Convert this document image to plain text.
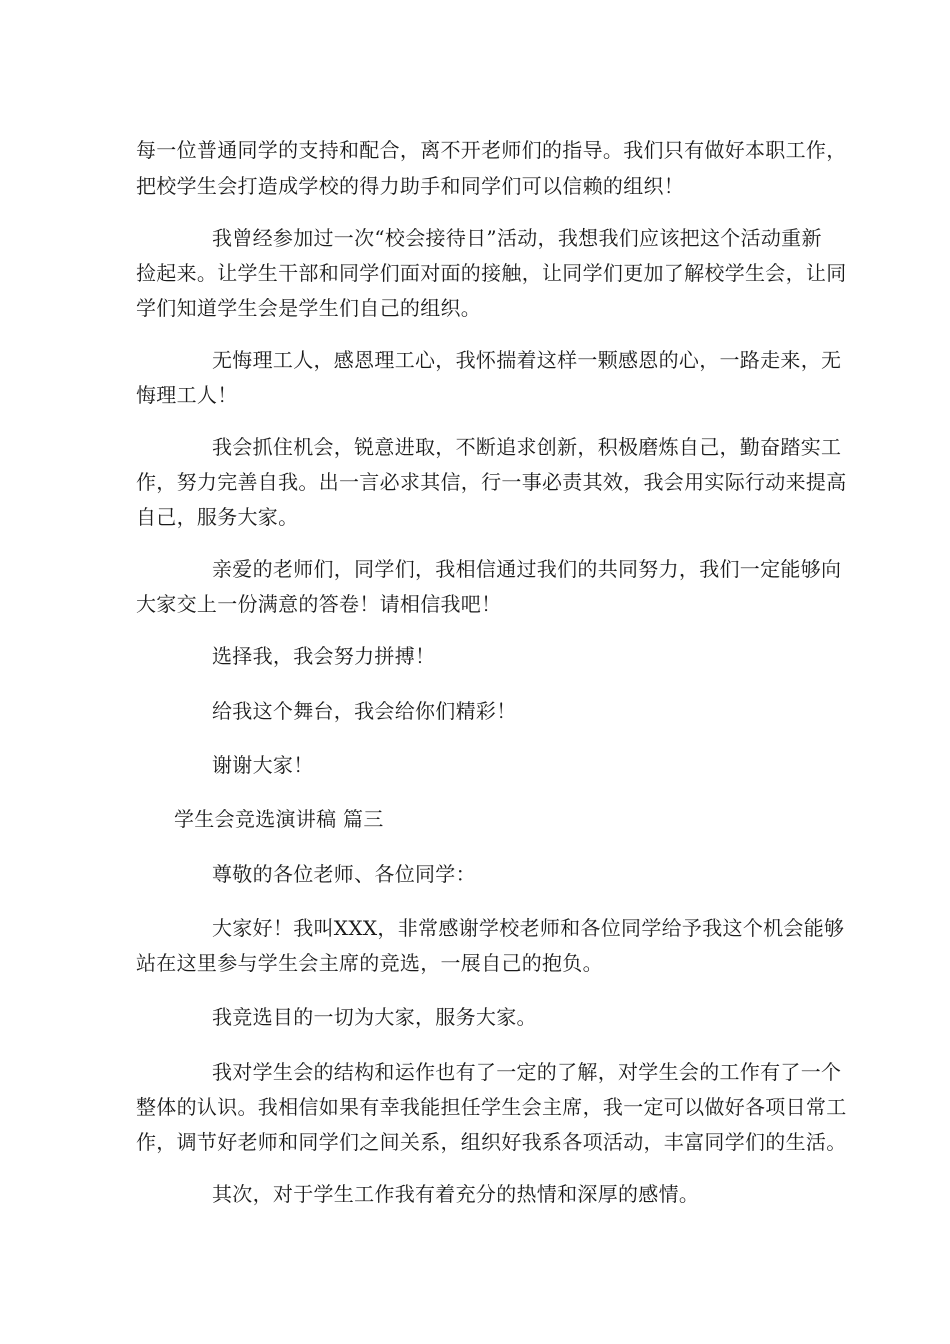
每一位普通同学的支持和配合，离不开老师们的指导。我们只有做好本职工作，
把校学生会打造成学校的得力助手和同学们可以信赖的组织！
我曾经参加过一次“校会接待日”活动，我想我们应该把这个活动重新
捡起来。让学生干部和同学们面对面的接触，让同学们更加了解校学生会，让同
学们知道学生会是学生们自己的组织。
无悔理工人，感恩理工心，我怀揣着这样一颗感恩的心，一路走来，无
悔理工人！
我会抓住机会，锐意进取，不断追求创新，积极磨炼自己，勤奋踏实工
作，努力完善自我。出一言必求其信，行一事必责其效，我会用实际行动来提高
自己，服务大家。
亲爱的老师们，同学们，我相信通过我们的共同努力，我们一定能够向
大家交上一份满意的答卷！请相信我吧！
选择我，我会努力拼搏！
给我这个舞台，我会给你们精彩！
谢谢大家！
学生会竞选演讲稿 篇三
尊敬的各位老师、各位同学：
大家好！我叫XXX，非常感谢学校老师和各位同学给予我这个机会能够
站在这里参与学生会主席的竞选，一展自己的抱负。
我竞选目的一切为大家，服务大家。
我对学生会的结构和运作也有了一定的了解，对学生会的工作有了一个
整体的认识。我相信如果有幸我能担任学生会主席，我一定可以做好各项日常工
作，调节好老师和同学们之间关系，组织好我系各项活动，丰富同学们的生活。
其次，对于学生工作我有着充分的热情和深厚的感情。
